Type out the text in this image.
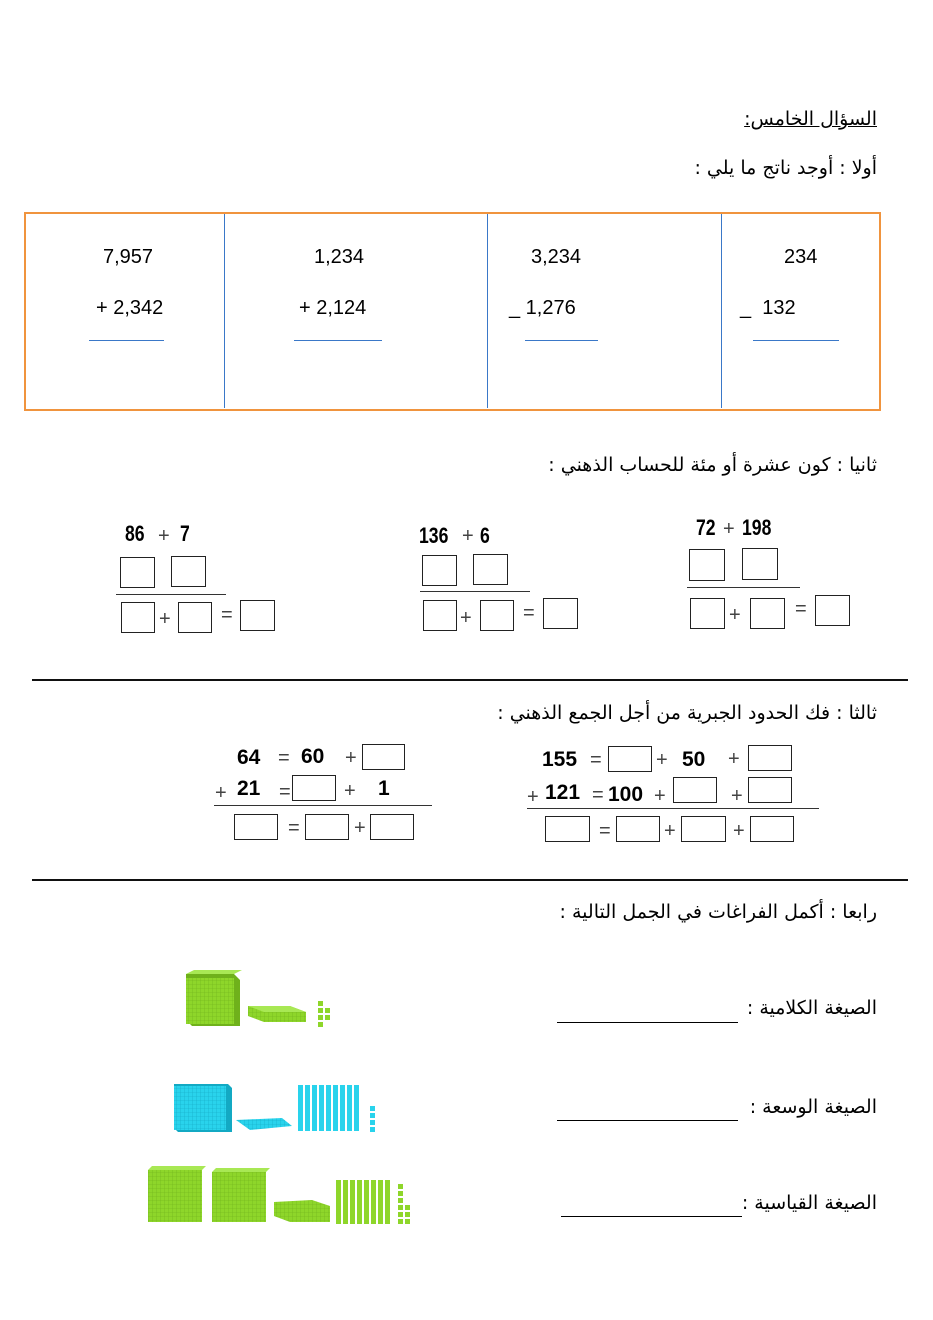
السؤال الخامس:
أولا : أوجد ناتج ما يلي :
7,957
+ 2,342
1,234
+ 2,124
3,234
_ 1,276
234
_  132
ثانيا : كون عشرة أو مئة للحساب الذهني :
86 + 7
+	=
136 + 6
+	=
72 + 198
+	=
ثالثا : فك الحدود الجبرية من أجل الجمع الذهني :
64 = 60 +
+ 21 =	+ 1
=	+
155 =	+ 50 +
+ 121 = 100 +	+
=	+	+
رابعا : أكمل الفراغات في الجمل التالية :
الصيغة الكلامية :
الصيغة الوسعة :
الصيغة القياسية :
